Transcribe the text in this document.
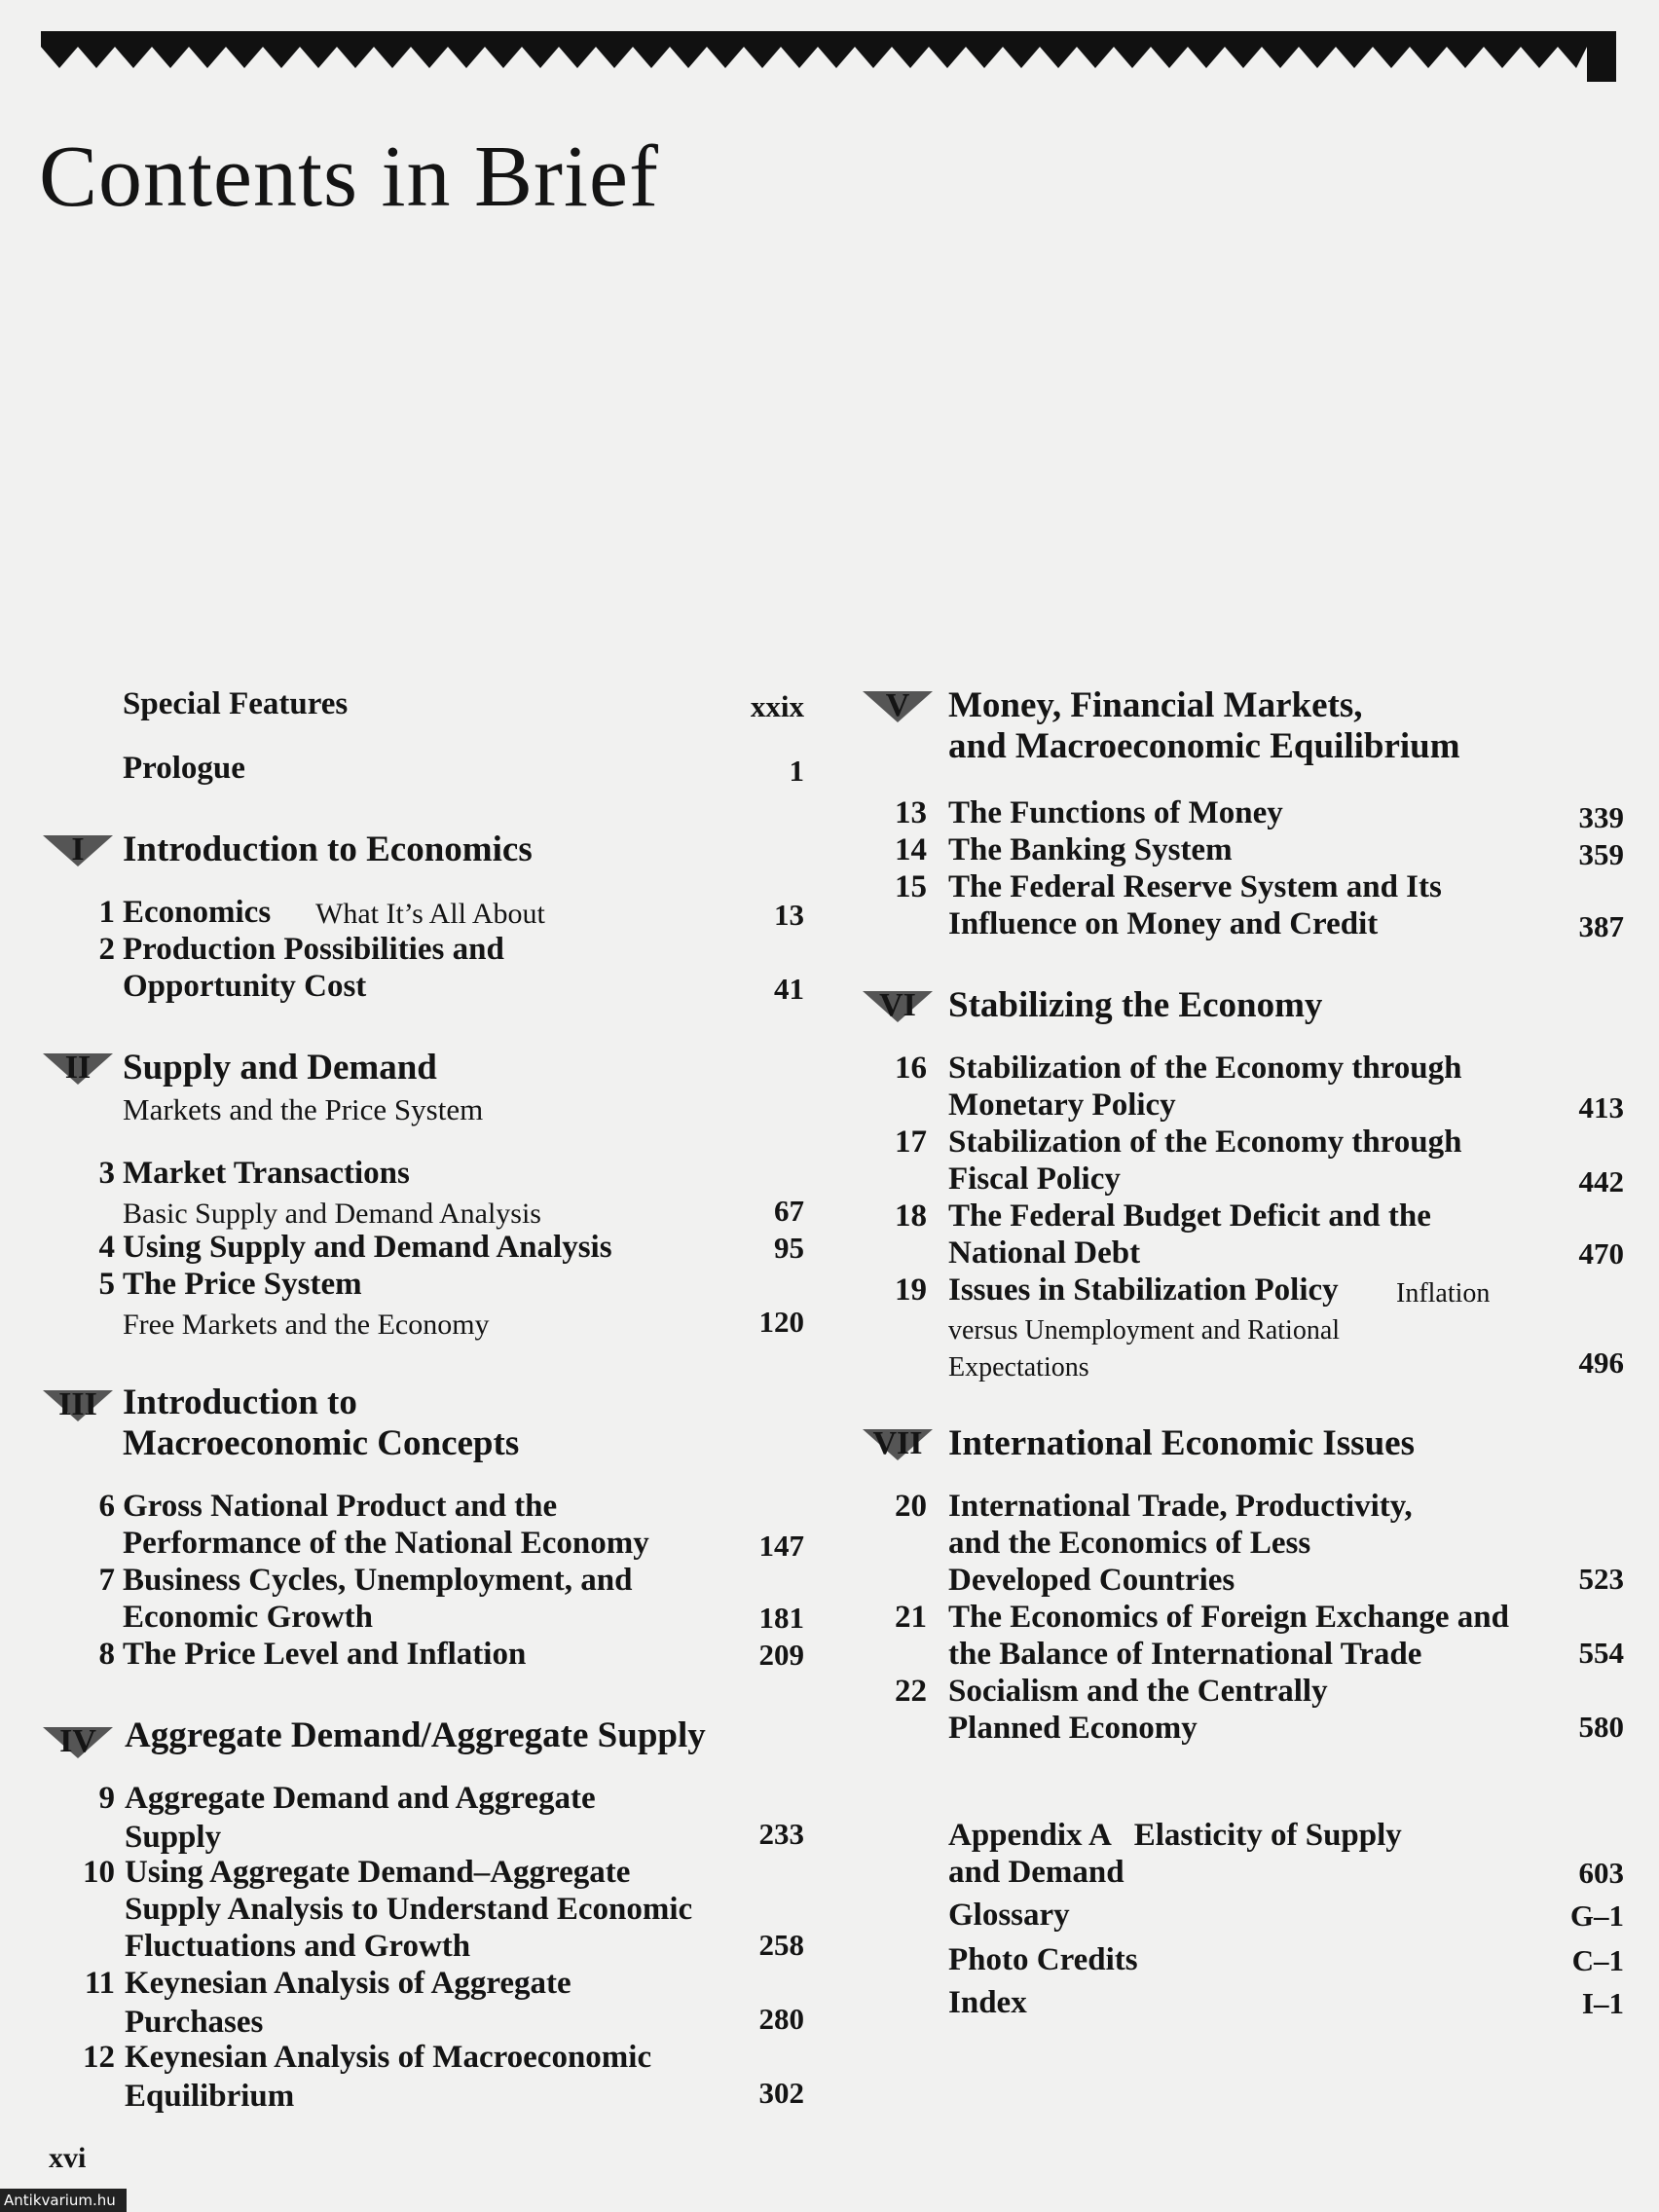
Contents in Brief
Special Features	xxix
Prologue	1
I	Introduction to Economics
1 Economics What It’s All About	13
2 Production Possibilities and
Opportunity Cost	41
II Supply and Demand
Markets and the Price System
3 Market Transactions
Basic Supply and Demand Analysis	67
4 Using Supply and Demand Analysis	95
5 The Price System
Free Markets and the Economy	120
III Introduction to
Macroeconomic Concepts
6 Gross National Product and the
Performance of the National Economy	147
7 Business Cycles, Unemployment, and
Economic Growth	181
8 The Price Level and Inflation	209
IV Aggregate Demand/Aggregate Supply
9 Aggregate Demand and Aggregate
Supply	233
10 Using Aggregate Demand–Aggregate
Supply Analysis to Understand Economic
Fluctuations and Growth	258
11 Keynesian Analysis of Aggregate
Purchases	280
12 Keynesian Analysis of Macroeconomic
Equilibrium	302
V	Money, Financial Markets,
and Macroeconomic Equilibrium
13 The Functions of Money	339
14 The Banking System	359
15 The Federal Reserve System and Its
Influence on Money and Credit	387
VI Stabilizing the Economy
16 Stabilization of the Economy through
Monetary Policy	413
17 Stabilization of the Economy through
Fiscal Policy	442
18 The Federal Budget Deficit and the
National Debt	470
19 Issues in Stabilization Policy Inflation
versus Unemployment and Rational
Expectations	496
VII International Economic Issues
20 International Trade, Productivity,
and the Economics of Less
Developed Countries	523
21 The Economics of Foreign Exchange and
the Balance of International Trade	554
22 Socialism and the Centrally
Planned Economy	580
Appendix A   Elasticity of Supply
and Demand	603
Glossary	G–1
Photo Credits	C–1
Index	I–1
xvi
Antikvarium.hu
